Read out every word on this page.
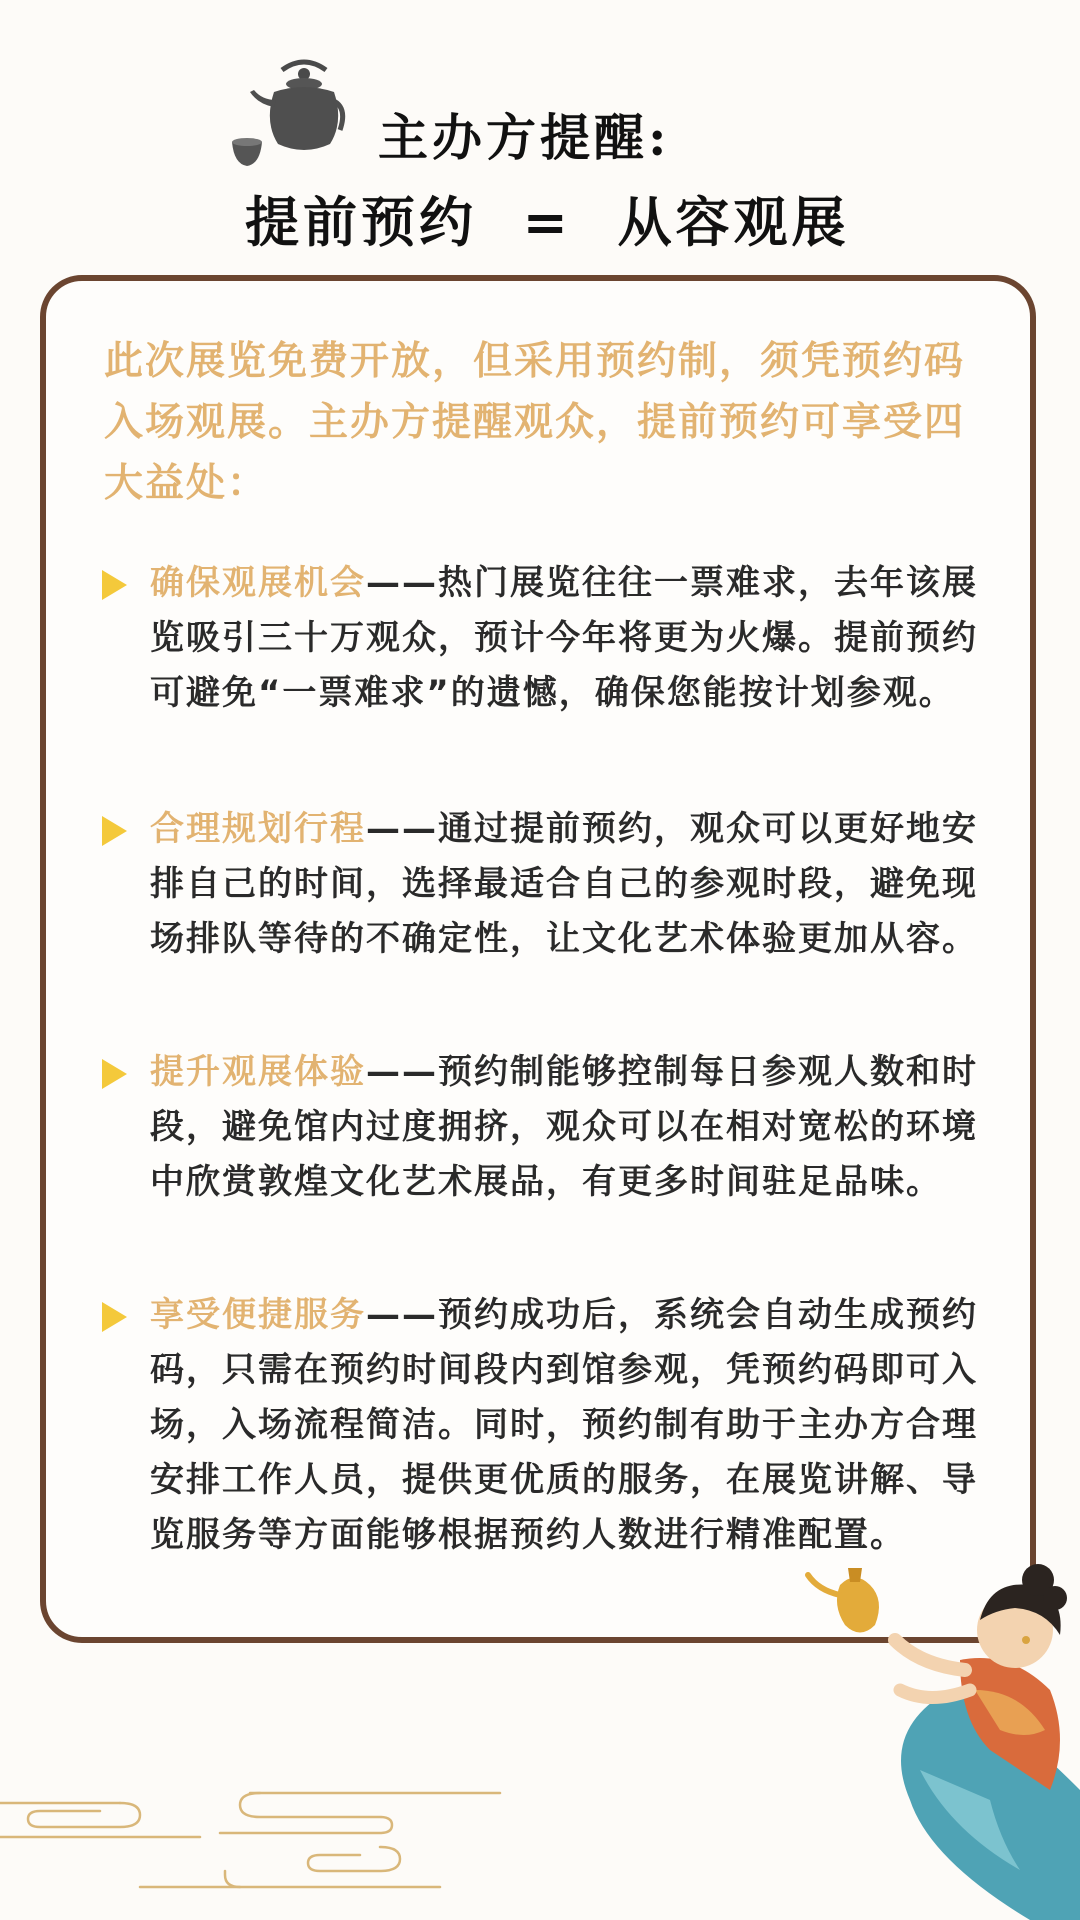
主办方提醒:
提前预约  =  从容观展
此次展览免费开放，但采用预约制，须凭预约码入场观展。主办方提醒观众，提前预约可享受四大益处：
确保观展机会——热门展览往往一票难求，去年该展览吸引三十万观众，预计今年将更为火爆。提前预约可避免“一票难求”的遗憾，确保您能按计划参观。
合理规划行程——通过提前预约，观众可以更好地安排自己的时间，选择最适合自己的参观时段，避免现场排队等待的不确定性，让文化艺术体验更加从容。
提升观展体验——预约制能够控制每日参观人数和时段，避免馆内过度拥挤，观众可以在相对宽松的环境中欣赏敦煌文化艺术展品，有更多时间驻足品味。
享受便捷服务——预约成功后，系统会自动生成预约码，只需在预约时间段内到馆参观，凭预约码即可入场，入场流程简洁。同时，预约制有助于主办方合理安排工作人员，提供更优质的服务，在展览讲解、导览服务等方面能够根据预约人数进行精准配置。
